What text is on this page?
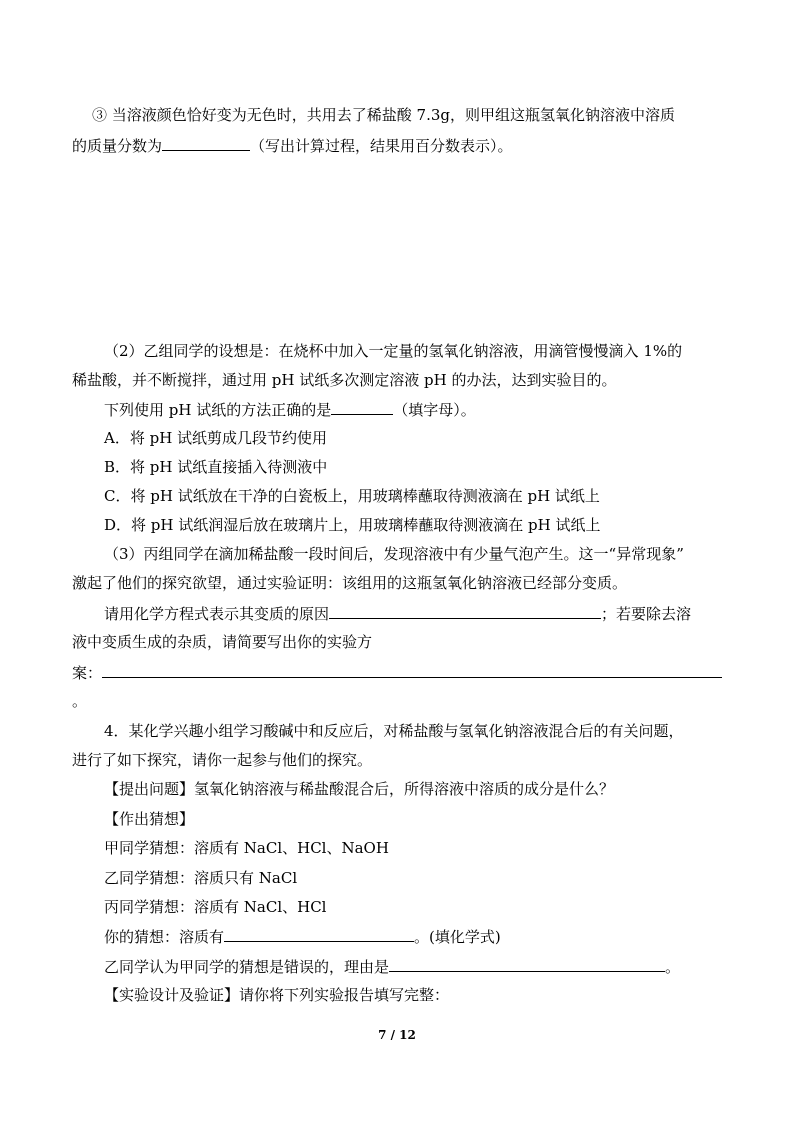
③ 当溶液颜色恰好变为无色时，共用去了稀盐酸 7.3g，则甲组这瓶氢氧化钠溶液中溶质
的质量分数为	（写出计算过程，结果用百分数表示）。
（2）乙组同学的设想是：在烧杯中加入一定量的氢氧化钠溶液，用滴管慢慢滴入 1%的
稀盐酸，并不断搅拌，通过用 pH 试纸多次测定溶液 pH 的办法，达到实验目的。
下列使用 pH 试纸的方法正确的是	（填字母）。
A．将 pH 试纸剪成几段节约使用
B．将 pH 试纸直接插入待测液中
C．将 pH 试纸放在干净的白瓷板上，用玻璃棒蘸取待测液滴在 pH 试纸上
D．将 pH 试纸润湿后放在玻璃片上，用玻璃棒蘸取待测液滴在 pH 试纸上
（3）丙组同学在滴加稀盐酸一段时间后，发现溶液中有少量气泡产生。这一“异常现象”
激起了他们的探究欲望，通过实验证明：该组用的这瓶氢氧化钠溶液已经部分变质。
请用化学方程式表示其变质的原因	；若要除去溶
液中变质生成的杂质，请简要写出你的实验方
案：
。
4．某化学兴趣小组学习酸碱中和反应后，对稀盐酸与氢氧化钠溶液混合后的有关问题，
进行了如下探究，请你一起参与他们的探究。
【提出问题】氢氧化钠溶液与稀盐酸混合后，所得溶液中溶质的成分是什么？
【作出猜想】
甲同学猜想：溶质有 NaCl、HCl、NaOH
乙同学猜想：溶质只有 NaCl
丙同学猜想：溶质有 NaCl、HCl
你的猜想：溶质有	。(填化学式)
乙同学认为甲同学的猜想是错误的，理由是	。
【实验设计及验证】请你将下列实验报告填写完整：
7 / 12
